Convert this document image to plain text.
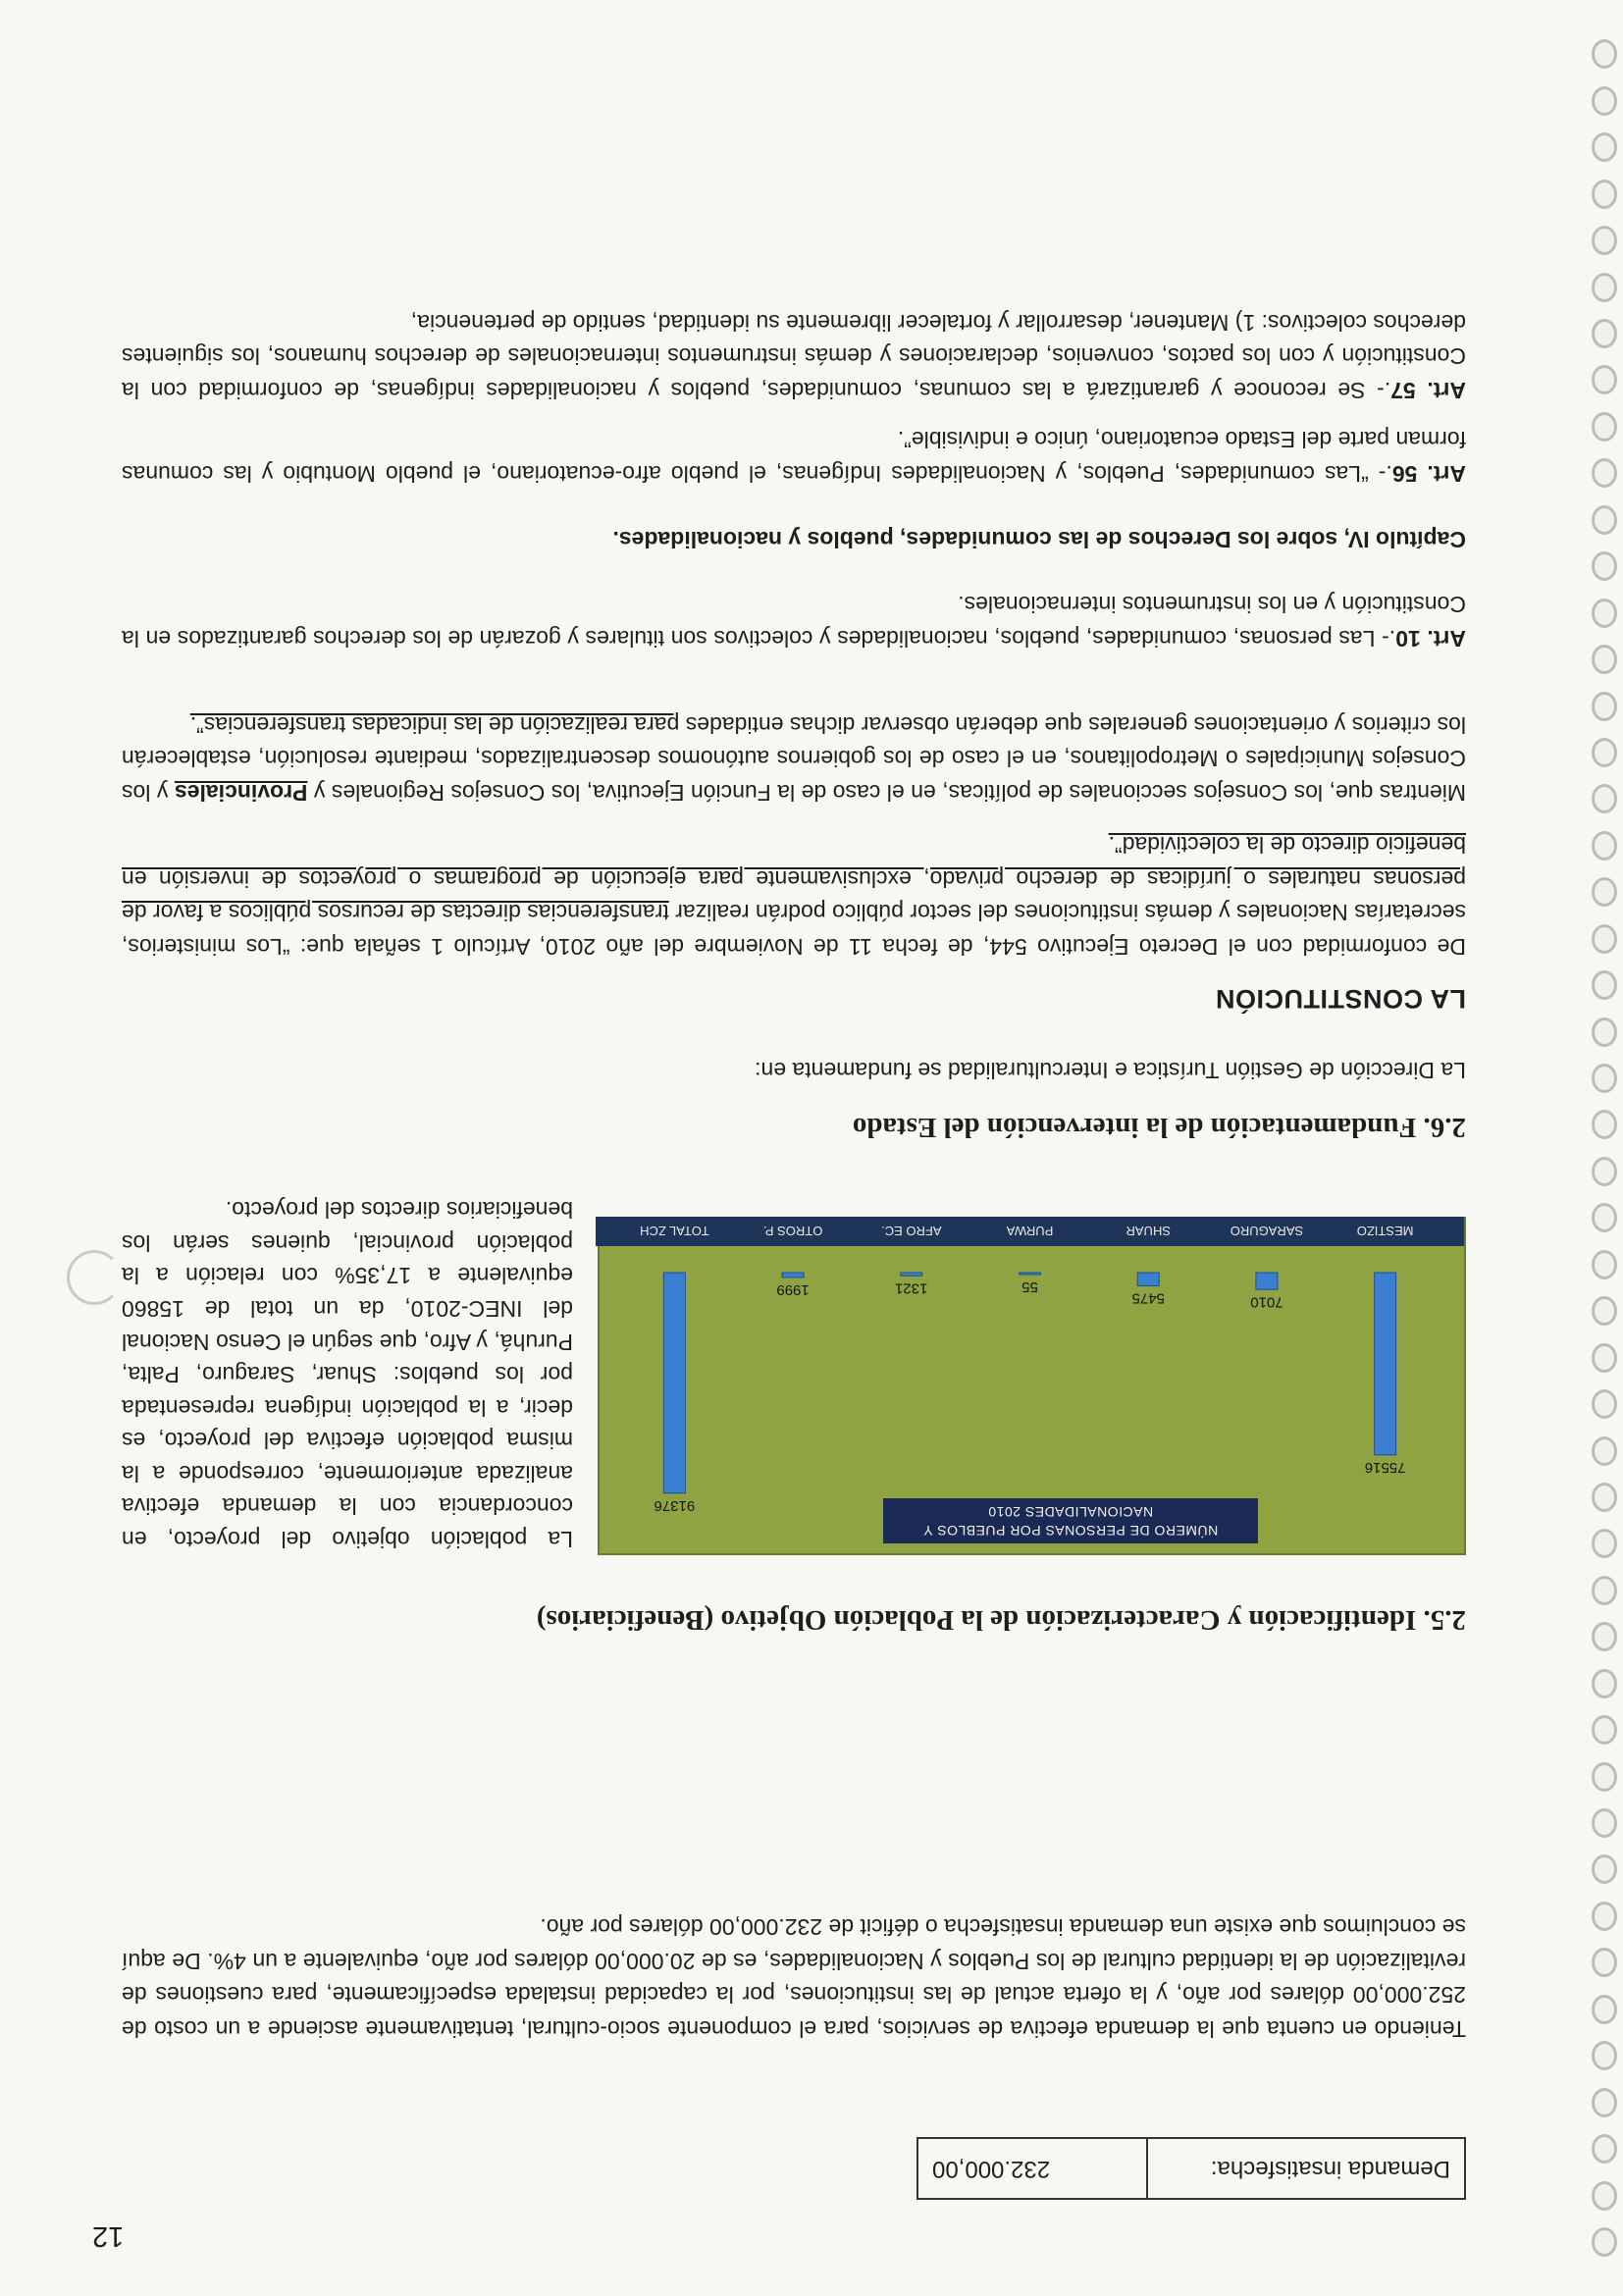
12
Demanda insatisfecha:	232.000,00

Teniendo en cuenta que la demanda efectiva de servicios, para el componente socio-cultural, tentativamente asciende a un costo de 252.000,00 dólares por año, y la oferta actual de las instituciones, por la capacidad instalada específicamente, para cuestiones de revitalización de la identidad cultural de los Pueblos y Nacionalidades, es de 20.000,00 dólares por año, equivalente a un 4%. De aquí se concluimos que existe una demanda insatisfecha o déficit de 232.000,00 dólares por año.

2.5. Identificación y Caracterización de la Población Objetivo (Beneficiarios)
75516
MESTIZO
7010
SARAGURO
5475
SHUAR
55
PURWA
1321
AFRO EC.
1999
OTROS P.
91376
TOTAL ZCH
NÚMERO DE PERSONAS POR PUEBLOS Y NACIONALIDADES 2010

La población objetivo del proyecto, en concordancia con la demanda efectiva analizada anteriormente, corresponde a la misma población efectiva del proyecto, es decir, a la población indígena representada por los pueblos: Shuar, Saraguro, Palta, Puruhá, y Afro, que según el Censo Nacional del INEC-2010, da un total de 15860 equivalente a 17,35% con relación a la población provincial, quienes serán los beneficiarios directos del proyecto.

2.6. Fundamentación de la intervención del Estado

La Dirección de Gestión Turística e Interculturalidad se fundamenta en:

LA CONSTITUCIÓN

De conformidad con el Decreto Ejecutivo 544, de fecha 11 de Noviembre del año 2010, Artículo 1 señala que: “Los ministerios, secretarías Nacionales y demás instituciones del sector público podrán realizar transferencias directas de recursos públicos a favor de personas naturales o jurídicas de derecho privado, exclusivamente para ejecución de programas o proyectos de inversión en beneficio directo de la colectividad”.

Mientras que, los Consejos seccionales de políticas, en el caso de la Función Ejecutiva, los Consejos Regionales y Provinciales y los Consejos Municipales o Metropolitanos, en el caso de los gobiernos autónomos descentralizados, mediante resolución, establecerán los criterios y orientaciones generales que deberán observar dichas entidades para realización de las indicadas transferencias”.

Art. 10.- Las personas, comunidades, pueblos, nacionalidades y colectivos son titulares y gozarán de los derechos garantizados en la Constitución y en los instrumentos internacionales.

Capítulo IV, sobre los Derechos de las comunidades, pueblos y nacionalidades.

Art. 56.- “Las comunidades, Pueblos, y Nacionalidades Indígenas, el pueblo afro-ecuatoriano, el pueblo Montubio y las comunas forman parte del Estado ecuatoriano, único e indivisible”.

Art. 57.- Se reconoce y garantizará a las comunas, comunidades, pueblos y nacionalidades indígenas, de conformidad con la Constitución y con los pactos, convenios, declaraciones y demás instrumentos internacionales de derechos humanos, los siguientes derechos colectivos: 1) Mantener, desarrollar y fortalecer libremente su identidad, sentido de pertenencia,
